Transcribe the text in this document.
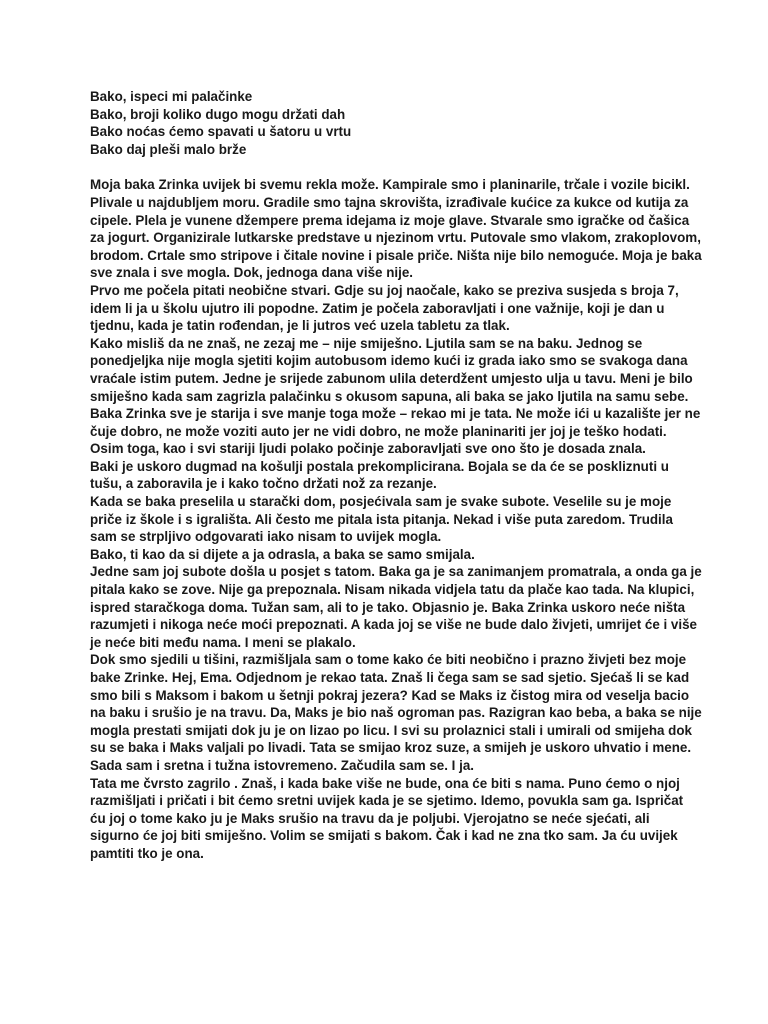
Bako, ispeci mi palačinke
Bako, broji koliko dugo mogu držati dah
Bako noćas ćemo spavati u šatoru u vrtu
Bako daj pleši malo brže

Moja baka Zrinka uvijek bi svemu rekla može. Kampirale smo i planinarile, trčale i vozile bicikl. Plivale u najdubljem moru. Gradile smo tajna skrovišta, izrađivale kućice za kukce od kutija za cipele. Plela je vunene džempere prema idejama iz moje glave. Stvarale smo igračke od čašica za jogurt. Organizirale lutkarske predstave u njezinom vrtu. Putovale smo vlakom, zrakoplovom, brodom. Crtale smo stripove i čitale novine i pisale priče. Ništa nije bilo nemoguće. Moja je baka sve znala i sve mogla. Dok, jednoga dana više nije.

Prvo me počela pitati neobične stvari. Gdje su joj naočale, kako se preziva susjeda s broja 7, idem li ja u školu ujutro ili popodne. Zatim je počela zaboravljati i one važnije, koji je dan u tjednu, kada je tatin rođendan, je li jutros već uzela tabletu za tlak.

Kako misliš da ne znaš, ne zezaj me – nije smiješno. Ljutila sam se na baku. Jednog se ponedjeljka nije mogla sjetiti kojim autobusom idemo kući iz grada iako smo se svakoga dana vraćale istim putem. Jedne je srijede zabunom ulila deterdžent umjesto ulja u tavu. Meni je bilo smiješno kada sam zagrizla palačinku s okusom sapuna, ali baka se jako ljutila na samu sebe.

Baka Zrinka sve je starija i sve manje toga može – rekao mi je tata. Ne može ići u kazalište jer ne čuje dobro, ne može voziti auto jer ne vidi dobro, ne može planinariti jer joj je teško hodati. Osim toga, kao i svi stariji ljudi polako počinje zaboravljati sve ono što je dosada znala.

Baki je uskoro dugmad na košulji postala prekomplicirana. Bojala se da će se poskliznuti u tušu, a zaboravila je i kako točno držati nož za rezanje.

Kada se baka preselila u starački dom, posjećivala sam je svake subote. Veselile su je moje priče iz škole i s igrališta. Ali često me pitala ista pitanja. Nekad i više puta zaredom. Trudila sam se strpljivo odgovarati iako nisam to uvijek mogla.

Bako, ti kao da si dijete a ja odrasla, a baka se samo smijala.

Jedne sam joj subote došla u posjet s tatom. Baka ga je sa zanimanjem promatrala, a onda ga je pitala kako se zove. Nije ga prepoznala. Nisam nikada vidjela tatu da plače kao tada. Na klupici, ispred staračkoga doma. Tužan sam, ali to je tako. Objasnio je. Baka Zrinka uskoro neće ništa razumjeti i nikoga neće moći prepoznati. A kada joj se više ne bude dalo živjeti, umrijet će i više je neće biti među nama. I meni se plakalo.

Dok smo sjedili u tišini, razmišljala sam o tome kako će biti neobično i prazno živjeti bez moje bake Zrinke. Hej, Ema. Odjednom je rekao tata. Znaš li čega sam se sad sjetio. Sjećaš li se kad smo bili s Maksom i bakom u šetnji pokraj jezera? Kad se Maks iz čistog mira od veselja bacio na baku i srušio je na travu. Da, Maks je bio naš ogroman pas. Razigran kao beba, a baka se nije mogla prestati smijati dok ju je on lizao po licu. I svi su prolaznici stali i umirali od smijeha dok su se baka i Maks valjali po livadi. Tata se smijao kroz suze, a smijeh je uskoro uhvatio i mene. Sada sam i sretna i tužna istovremeno. Začudila sam se. I ja.

Tata me čvrsto zagrilo . Znaš, i kada bake više ne bude, ona će biti s nama. Puno ćemo o njoj razmišljati i pričati i bit ćemo sretni uvijek kada je se sjetimo. Idemo, povukla sam ga. Ispričat ću joj o tome kako ju je Maks srušio na travu da je poljubi. Vjerojatno se neće sjećati, ali sigurno će joj biti smiješno. Volim se smijati s bakom. Čak i kad ne zna tko sam. Ja ću uvijek pamtiti tko je ona.
